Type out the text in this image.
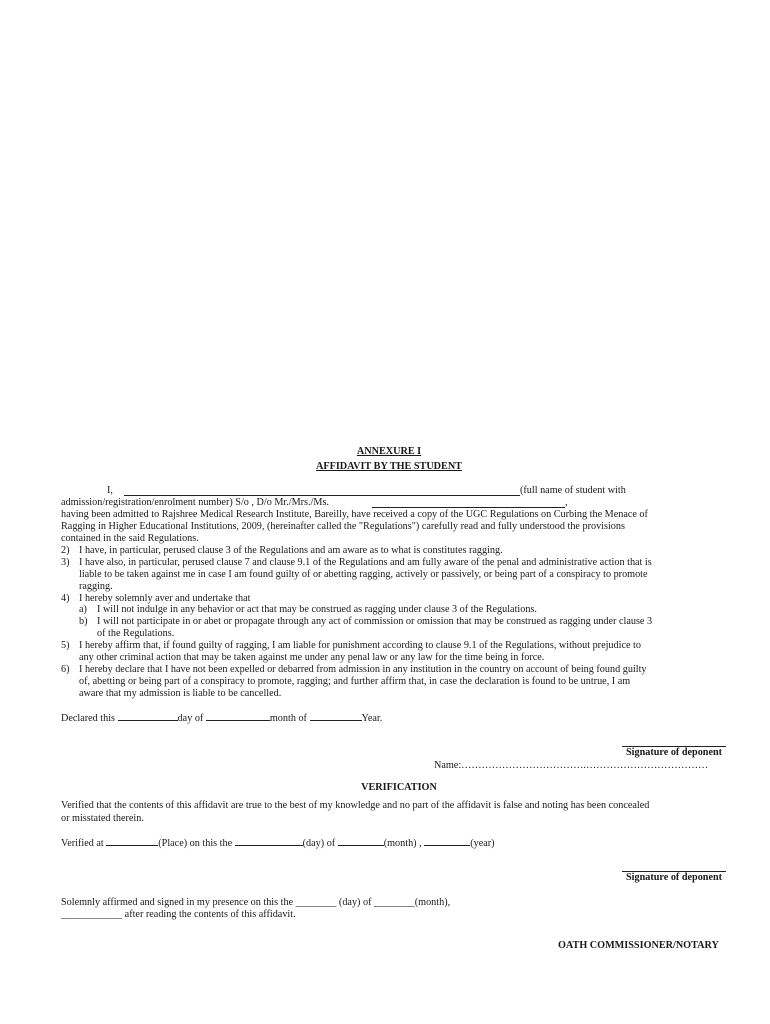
ANNEXURE I
AFFIDAVIT BY THE STUDENT
I,	(full name of student with
admission/registration/enrolment number) S/o , D/o Mr./Mrs./Ms.	,
having been admitted to Rajshree Medical Research Institute, Bareilly, have received a copy of the UGC Regulations on Curbing the Menace of
Ragging in Higher Educational Institutions, 2009, (hereinafter called the "Regulations") carefully read and fully understood the provisions
contained in the said Regulations.
2) I have, in particular, perused clause 3 of the Regulations and am aware as to what is constitutes ragging.
3) I have also, in particular, perused clause 7 and clause 9.1 of the Regulations and am fully aware of the penal and administrative action that is
liable to be taken against me in case I am found guilty of or abetting ragging, actively or passively, or being part of a conspiracy to promote
ragging.
4) I hereby solemnly aver and undertake that
a) I will not indulge in any behavior or act that may be construed as ragging under clause 3 of the Regulations.
b) I will not participate in or abet or propagate through any act of commission or omission that may be construed as ragging under clause 3
of the Regulations.
5) I hereby affirm that, if found guilty of ragging, I am liable for punishment according to clause 9.1 of the Regulations, without prejudice to
any other criminal action that may be taken against me under any penal law or any law for the time being in force.
6) I hereby declare that I have not been expelled or debarred from admission in any institution in the country on account of being found guilty
of, abetting or being part of a conspiracy to promote, ragging; and further affirm that, in case the declaration is found to be untrue, I am
aware that my admission is liable to be cancelled.
Declared this	day of	month of	Year.
Signature of deponent
Name:……………………………….………………………………
VERIFICATION
Verified that the contents of this affidavit are true to the best of my knowledge and no part of the affidavit is false and noting has been concealed
or misstated therein.
Verified at	(Place) on this the	(day) of	(month) ,	(year)
Signature of deponent
Solemnly affirmed and signed in my presence on this the ________ (day) of ________(month),
____________ after reading the contents of this affidavit.
OATH COMMISSIONER/NOTARY
